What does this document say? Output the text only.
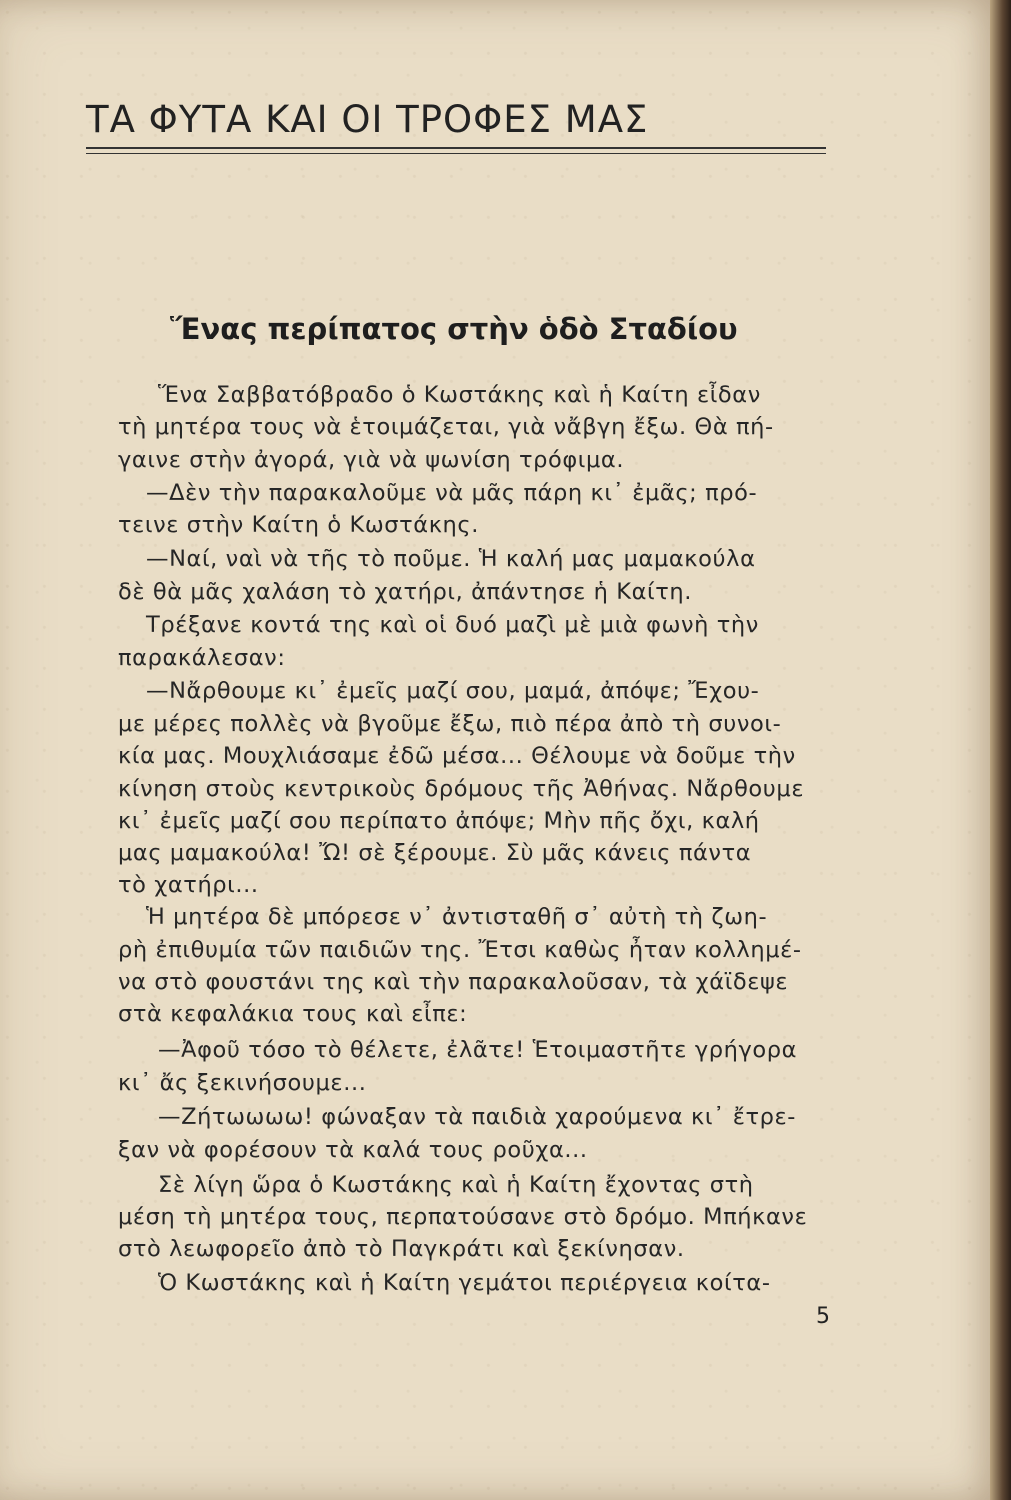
ΤΑ ΦΥΤΑ ΚΑΙ ΟΙ ΤΡΟΦΕΣ ΜΑΣ
Ἕνας περίπατος στὴν ὁδὸ Σταδίου
Ἕνα Σαββατόβραδο ὁ Κωστάκης καὶ ἡ Καίτη εἶδαν
τὴ μητέρα τους νὰ ἑτοιμάζεται, γιὰ νἄβγη ἔξω. Θὰ πή-
γαινε στὴν ἀγορά, γιὰ νὰ ψωνίση τρόφιμα.
—Δὲν τὴν παρακαλοῦμε νὰ μᾶς πάρη κι᾿ ἐμᾶς; πρό-
τεινε στὴν Καίτη ὁ Κωστάκης.
—Ναί, ναὶ νὰ τῆς τὸ ποῦμε. Ἡ καλή μας μαμακούλα
δὲ θὰ μᾶς χαλάση τὸ χατήρι, ἀπάντησε ἡ Καίτη.
Τρέξανε κοντά της καὶ οἱ δυό μαζὶ μὲ μιὰ φωνὴ τὴν
παρακάλεσαν:
—Νἄρθουμε κι᾿ ἐμεῖς μαζί σου, μαμά, ἀπόψε; Ἔχου-
με μέρες πολλὲς νὰ βγοῦμε ἔξω, πιὸ πέρα ἀπὸ τὴ συνοι-
κία μας. Μουχλιάσαμε ἐδῶ μέσα... Θέλουμε νὰ δοῦμε τὴν
κίνηση στοὺς κεντρικοὺς δρόμους τῆς Ἀθήνας. Νἄρθουμε
κι᾿ ἐμεῖς μαζί σου περίπατο ἀπόψε; Μὴν πῆς ὄχι, καλή
μας μαμακούλα! Ὤ! σὲ ξέρουμε. Σὺ μᾶς κάνεις πάντα
τὸ χατήρι...
Ἡ μητέρα δὲ μπόρεσε ν᾿ ἀντισταθῆ σ᾿ αὐτὴ τὴ ζωη-
ρὴ ἐπιθυμία τῶν παιδιῶν της. Ἔτσι καθὼς ἦταν κολλημέ-
να στὸ φουστάνι της καὶ τὴν παρακαλοῦσαν, τὰ χάϊδεψε
στὰ κεφαλάκια τους καὶ εἶπε:
—Ἀφοῦ τόσο τὸ θέλετε, ἐλᾶτε! Ἑτοιμαστῆτε γρήγορα
κι᾿ ἄς ξεκινήσουμε...
—Ζήτωωωω! φώναξαν τὰ παιδιὰ χαρούμενα κι᾿ ἔτρε-
ξαν νὰ φορέσουν τὰ καλά τους ροῦχα...
Σὲ λίγη ὥρα ὁ Κωστάκης καὶ ἡ Καίτη ἔχοντας στὴ
μέση τὴ μητέρα τους, περπατούσανε στὸ δρόμο. Μπήκανε
στὸ λεωφορεῖο ἀπὸ τὸ Παγκράτι καὶ ξεκίνησαν.
Ὁ Κωστάκης καὶ ἡ Καίτη γεμάτοι περιέργεια κοίτα-
5
